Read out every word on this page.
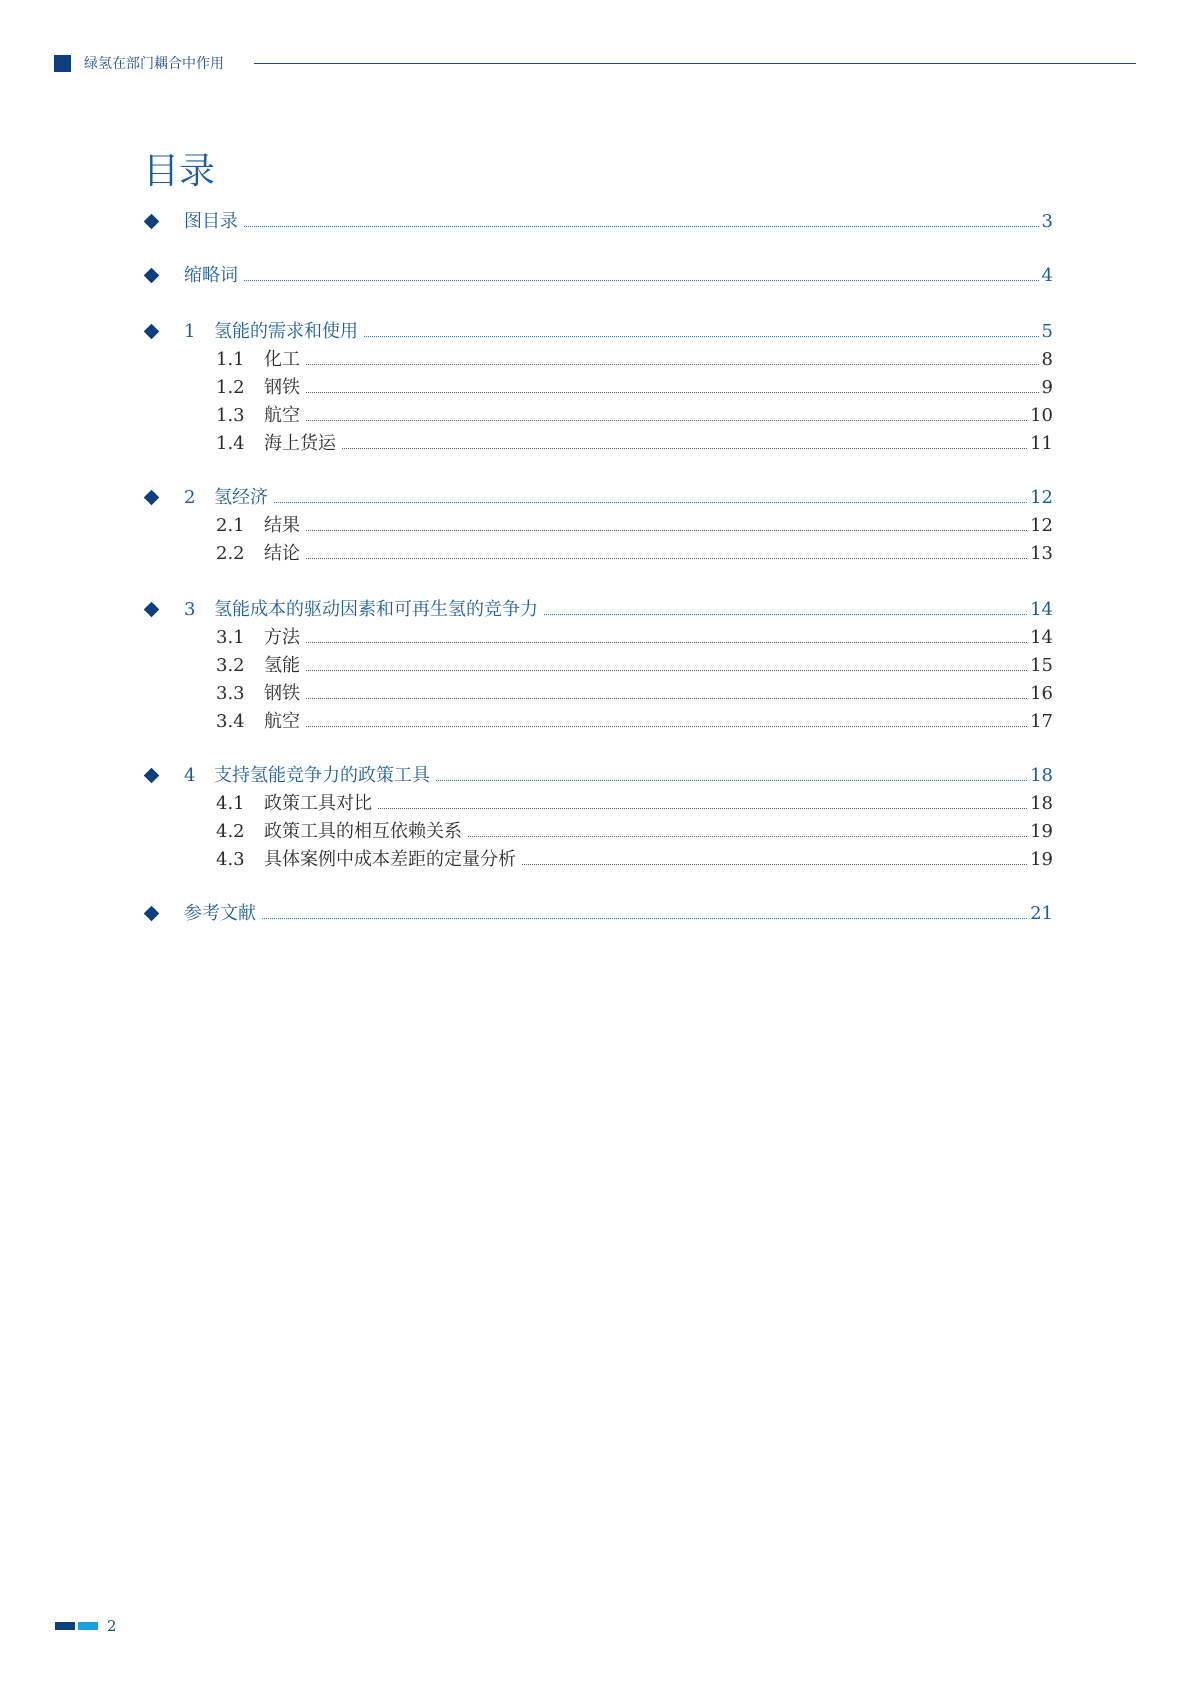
绿氢在部门耦合中作用
目录
图目录	3
缩略词	4
1	氢能的需求和使用	5
1.1	化工	8
1.2	钢铁	9
1.3	航空	10
1.4	海上货运	11
2	氢经济	12
2.1	结果	12
2.2	结论	13
3	氢能成本的驱动因素和可再生氢的竞争力	14
3.1	方法	14
3.2	氢能	15
3.3	钢铁	16
3.4	航空	17
4	支持氢能竞争力的政策工具	18
4.1	政策工具对比	18
4.2	政策工具的相互依赖关系	19
4.3	具体案例中成本差距的定量分析	19
参考文献	21
2
